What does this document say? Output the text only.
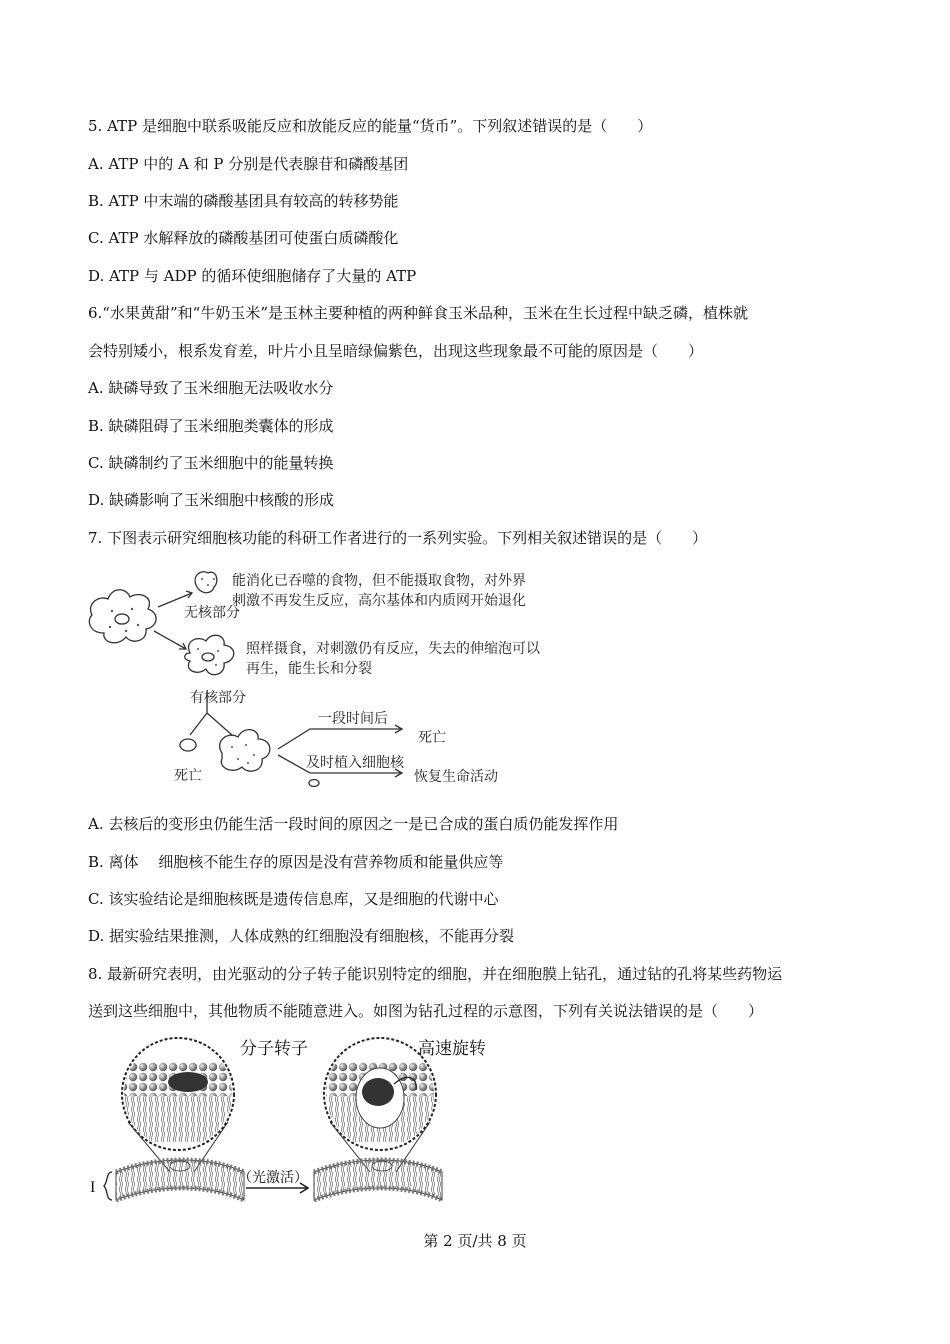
5. ATP 是细胞中联系吸能反应和放能反应的能量“货币”。下列叙述错误的是（　　）
A. ATP 中的 A 和 P 分别是代表腺苷和磷酸基团
B. ATP 中末端的磷酸基团具有较高的转移势能
C. ATP 水解释放的磷酸基团可使蛋白质磷酸化
D. ATP 与 ADP 的循环使细胞储存了大量的 ATP
6.“水果黄甜”和“牛奶玉米”是玉林主要种植的两种鲜食玉米品种，玉米在生长过程中缺乏磷，植株就
会特别矮小，根系发育差，叶片小且呈暗绿偏紫色，出现这些现象最不可能的原因是（　　）
A. 缺磷导致了玉米细胞无法吸收水分
B. 缺磷阻碍了玉米细胞类囊体的形成
C. 缺磷制约了玉米细胞中的能量转换
D. 缺磷影响了玉米细胞中核酸的形成
7. 下图表示研究细胞核功能的科研工作者进行的一系列实验。下列相关叙述错误的是（　　）
能消化已吞噬的食物，但不能摄取食物，对外界
刺激不再发生反应，高尔基体和内质网开始退化
无核部分
照样摄食，对刺激仍有反应，失去的伸缩泡可以
再生，能生长和分裂
有核部分
一段时间后
死亡
及时植入细胞核
恢复生命活动
死亡
A. 去核后的变形虫仍能生活一段时间的原因之一是已合成的蛋白质仍能发挥作用
B. 离体　 细胞核不能生存的原因是没有营养物质和能量供应等
C. 该实验结论是细胞核既是遗传信息库，又是细胞的代谢中心
D. 据实验结果推测，人体成熟的红细胞没有细胞核，不能再分裂
8. 最新研究表明，由光驱动的分子转子能识别特定的细胞，并在细胞膜上钻孔，通过钻的孔将某些药物运
送到这些细胞中，其他物质不能随意进入。如图为钻孔过程的示意图，下列有关说法错误的是（　　）
分子转子	高速旋转
（光激活）
I
第 2 页/共 8 页
